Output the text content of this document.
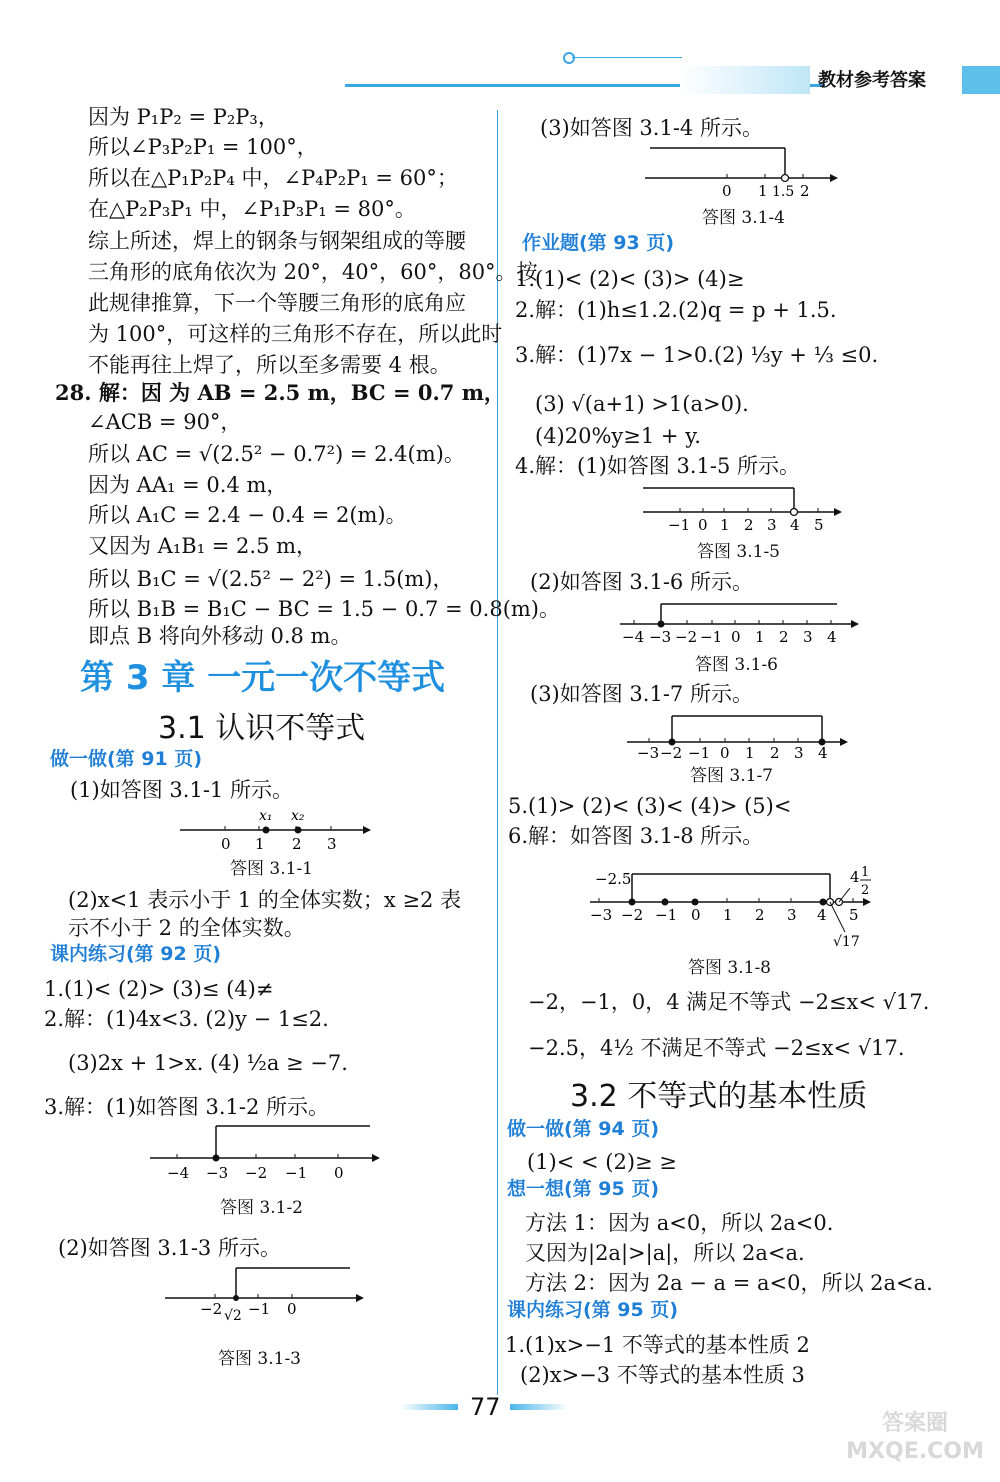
教材参考答案
因为 P₁P₂ = P₂P₃，
所以∠P₃P₂P₁ = 100°，
所以在△P₁P₂P₄ 中，∠P₄P₂P₁ = 60°；
在△P₂P₃P₁ 中，∠P₁P₃P₁ = 80°。
综上所述，焊上的钢条与钢架组成的等腰
三角形的底角依次为 20°，40°，60°，80°。按
此规律推算，下一个等腰三角形的底角应
为 100°，可这样的三角形不存在，所以此时
不能再往上焊了，所以至多需要 4 根。
28. 解：因 为 AB = 2.5 m，BC = 0.7 m，
∠ACB = 90°，
所以 AC = √(2.5² − 0.7²) = 2.4(m)。
因为 AA₁ = 0.4 m，
所以 A₁C = 2.4 − 0.4 = 2(m)。
又因为 A₁B₁ = 2.5 m，
所以 B₁C = √(2.5² − 2²) = 1.5(m)，
所以 B₁B = B₁C − BC = 1.5 − 0.7 = 0.8(m)。
即点 B 将向外移动 0.8 m。
第 3 章 一元一次不等式
3.1 认识不等式
做一做(第 91 页)
(1)如答图 3.1-1 所示。
x₁ x₂
0 1 2 3
答图 3.1-1
(2)x<1 表示小于 1 的全体实数；x ≥2 表
示不小于 2 的全体实数。
课内练习(第 92 页)
1.(1)< (2)> (3)≤ (4)≠
2.解：(1)4x<3. (2)y − 1≤2.
(3)2x + 1>x. (4) ½a ≥ −7.
3.解：(1)如答图 3.1-2 所示。
−4 −3 −2 −1 0
答图 3.1-2
(2)如答图 3.1-3 所示。
−2 √2 −1 0
答图 3.1-3
(3)如答图 3.1-4 所示。
0 1 1.5 2
答图 3.1-4
作业题(第 93 页)
1.(1)< (2)< (3)> (4)≥
2.解：(1)h≤1.2.(2)q = p + 1.5.
3.解：(1)7x − 1>0.(2) ⅓y + ⅓ ≤0.
(3) √(a+1) >1(a>0).
(4)20%y≥1 + y.
4.解：(1)如答图 3.1-5 所示。
−1 0 1 2 3 4 5
答图 3.1-5
(2)如答图 3.1-6 所示。
−4 −3 −2 −1 0 1 2 3 4
答图 3.1-6
(3)如答图 3.1-7 所示。
−3 −2 −1 0 1 2 3 4
答图 3.1-7
5.(1)> (2)< (3)< (4)> (5)<
6.解：如答图 3.1-8 所示。
−2.5	4 1
2
−3 −2 −1 0 1 2 3 4 5
√17
答图 3.1-8
−2，−1，0，4 满足不等式 −2≤x< √17.
−2.5，4½ 不满足不等式 −2≤x< √17.
3.2 不等式的基本性质
做一做(第 94 页)
(1)< < (2)≥ ≥
想一想(第 95 页)
方法 1：因为 a<0，所以 2a<0.
又因为|2a|>|a|，所以 2a<a.
方法 2：因为 2a − a = a<0，所以 2a<a.
课内练习(第 95 页)
1.(1)x>−1 不等式的基本性质 2
(2)x>−3 不等式的基本性质 3
77
答案圈 MXQE.COM
